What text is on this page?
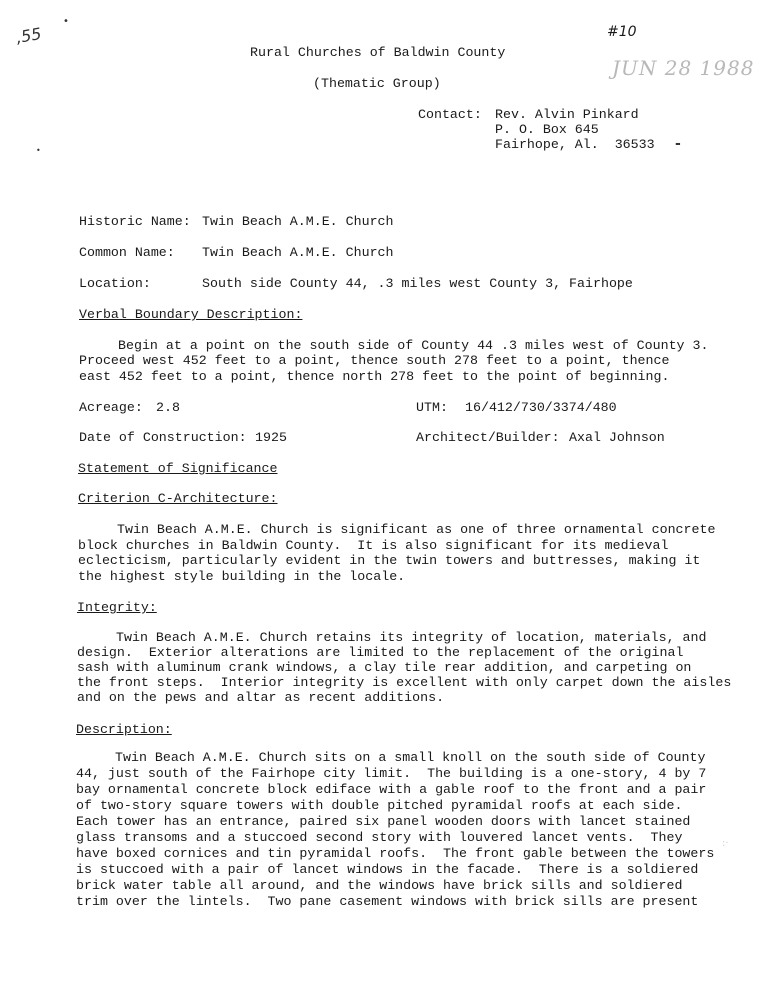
,55
•
•
#10
JUN 28 1988
Rural Churches of Baldwin County
(Thematic Group)
Contact: Rev. Alvin Pinkard
P. O. Box 645
Fairhope, Al.  36533 -
Historic Name: Twin Beach A.M.E. Church
Common Name: Twin Beach A.M.E. Church
Location:	South side County 44, .3 miles west County 3, Fairhope
Verbal Boundary Description:
Begin at a point on the south side of County 44 .3 miles west of County 3.
Proceed west 452 feet to a point, thence south 278 feet to a point, thence
east 452 feet to a point, thence north 278 feet to the point of beginning.
Acreage: 2.8	UTM: 16/412/730/3374/480
Date of Construction: 1925	Architect/Builder: Axal Johnson
Statement of Significance
Criterion C-Architecture:
Twin Beach A.M.E. Church is significant as one of three ornamental concrete
block churches in Baldwin County.  It is also significant for its medieval
eclecticism, particularly evident in the twin towers and buttresses, making it
the highest style building in the locale.
Integrity:
Twin Beach A.M.E. Church retains its integrity of location, materials, and
design.  Exterior alterations are limited to the replacement of the original
sash with aluminum crank windows, a clay tile rear addition, and carpeting on
the front steps.  Interior integrity is excellent with only carpet down the aisles
and on the pews and altar as recent additions.
Description:
Twin Beach A.M.E. Church sits on a small knoll on the south side of County
44, just south of the Fairhope city limit.  The building is a one-story, 4 by 7
bay ornamental concrete block ediface with a gable roof to the front and a pair
of two-story square towers with double pitched pyramidal roofs at each side.
Each tower has an entrance, paired six panel wooden doors with lancet stained
glass transoms and a stuccoed second story with louvered lancet vents.  They
have boxed cornices and tin pyramidal roofs.  The front gable between the towers
is stuccoed with a pair of lancet windows in the facade.  There is a soldiered
brick water table all around, and the windows have brick sills and soldiered
trim over the lintels.  Two pane casement windows with brick sills are present
:·
